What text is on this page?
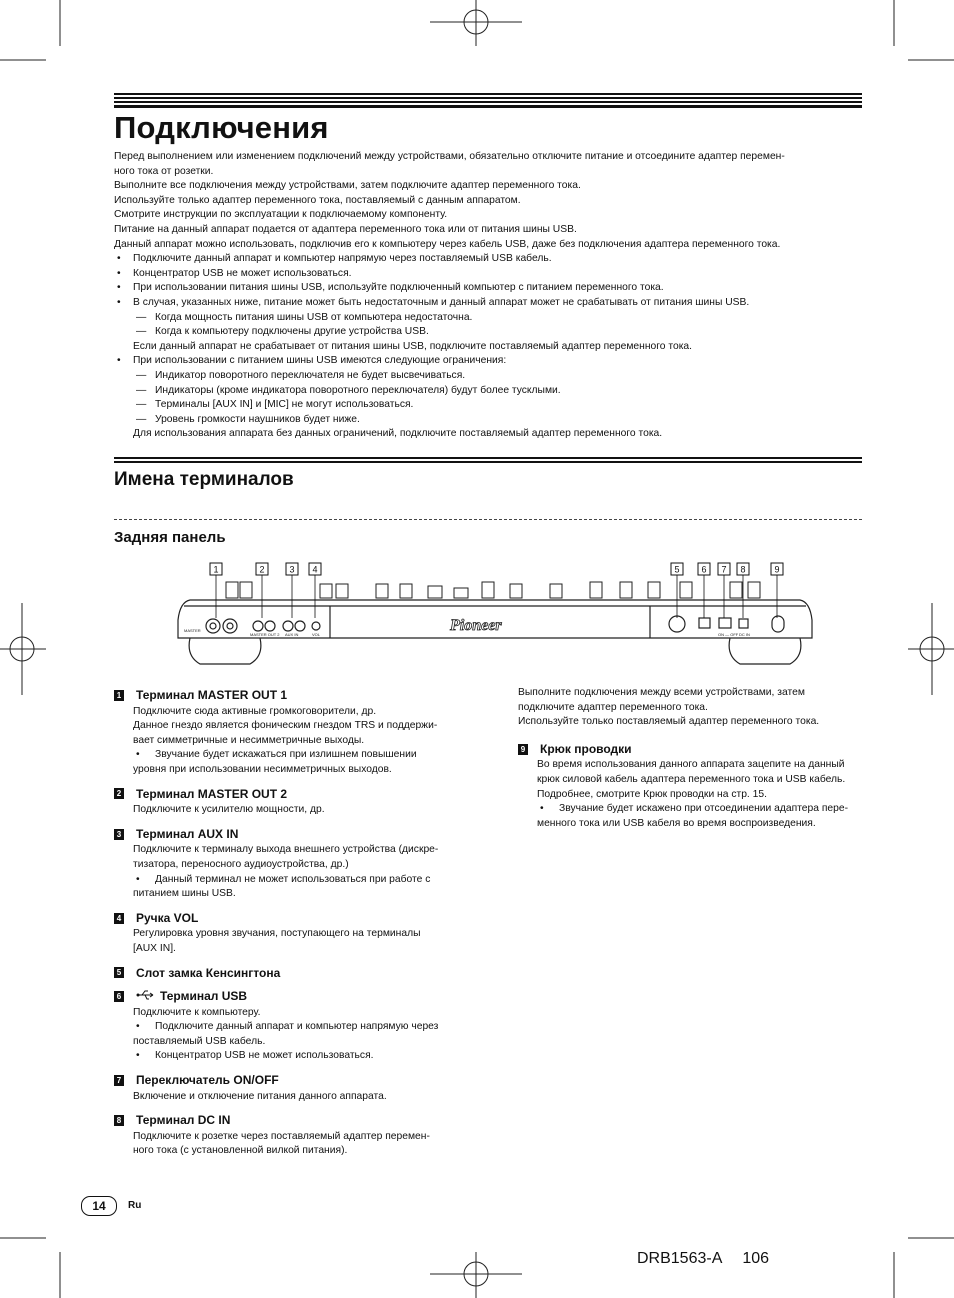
Подключения

Перед выполнением или изменением подключений между устройствами, обязательно отключите питание и отсоедините адаптер перемен-

ного тока от розетки.

Выполните все подключения между устройствами, затем подключите адаптер переменного тока.

Используйте только адаптер переменного тока, поставляемый с данным аппаратом.

Смотрите инструкции по эксплуатации к подключаемому компоненту.

Питание на данный аппарат подается от адаптера переменного тока или от питания шины USB.

Данный аппарат можно использовать, подключив его к компьютеру через кабель USB, даже без подключения адаптера переменного тока.

• Подключите данный аппарат и компьютер напрямую через поставляемый USB кабель.

• Концентратор USB не может использоваться.

• При использовании питания шины USB, используйте подключенный компьютер с питанием переменного тока.

• В случая, указанных ниже, питание может быть недостаточным и данный аппарат может не срабатывать от питания шины USB.

— Когда мощность питания шины USB от компьютера недостаточна.

— Когда к компьютеру подключены другие устройства USB.

Если данный аппарат не срабатывает от питания шины USB, подключите поставляемый адаптер переменного тока.

• При использовании с питанием шины USB имеются следующие ограничения:

— Индикатор поворотного переключателя не будет высвечиваться.

— Индикаторы (кроме индикатора поворотного переключателя) будут более тусклыми.

— Терминалы [AUX IN] и [MIC] не могут использоваться.

— Уровень громкости наушников будет ниже.

Для использования аппарата без данных ограничений, подключите поставляемый адаптер переменного тока.

Имена терминалов
Задняя панель
Pioneer
MASTER
MASTER OUT 2 AUX IN	VOL	ON — OFF DC IN
1	2	3 4	5 6 7 8	9
1 Терминал MASTER OUT 1

Подключите сюда активные громкоговорители, др.

Данное гнездо является фоническим гнездом TRS и поддержи-

вает симметричные и несимметричные выходы.

• Звучание будет искажаться при излишнем повышении

уровня при использовании несимметричных выходов.

2 Терминал MASTER OUT 2

Подключите к усилителю мощности, др.

3 Терминал AUX IN

Подключите к терминалу выхода внешнего устройства (дискре-

тизатора, переносного аудиоустройства, др.)

• Данный терминал не может использоваться при работе с

питанием шины USB.

4 Ручка VOL

Регулировка уровня звучания, поступающего на терминалы

[AUX IN].

5 Слот замка Кенсингтона
6	Терминал USB

Подключите к компьютеру.

• Подключите данный аппарат и компьютер напрямую через

поставляемый USB кабель.

• Концентратор USB не может использоваться.

7 Переключатель ON/OFF

Включение и отключение питания данного аппарата.

8 Терминал DC IN

Подключите к розетке через поставляемый адаптер перемен-

ного тока (с установленной вилкой питания).

Выполните подключения между всеми устройствами, затем

подключите адаптер переменного тока.

Используйте только поставляемый адаптер переменного тока.

9 Крюк проводки

Во время использования данного аппарата зацепите на данный

крюк силовой кабель адаптера переменного тока и USB кабель.

Подробнее, смотрите Крюк проводки на стр. 15.

• Звучание будет искажено при отсоединении адаптера пере-

менного тока или USB кабеля во время воспроизведения.

14	Ru
DRB1563-A 106
